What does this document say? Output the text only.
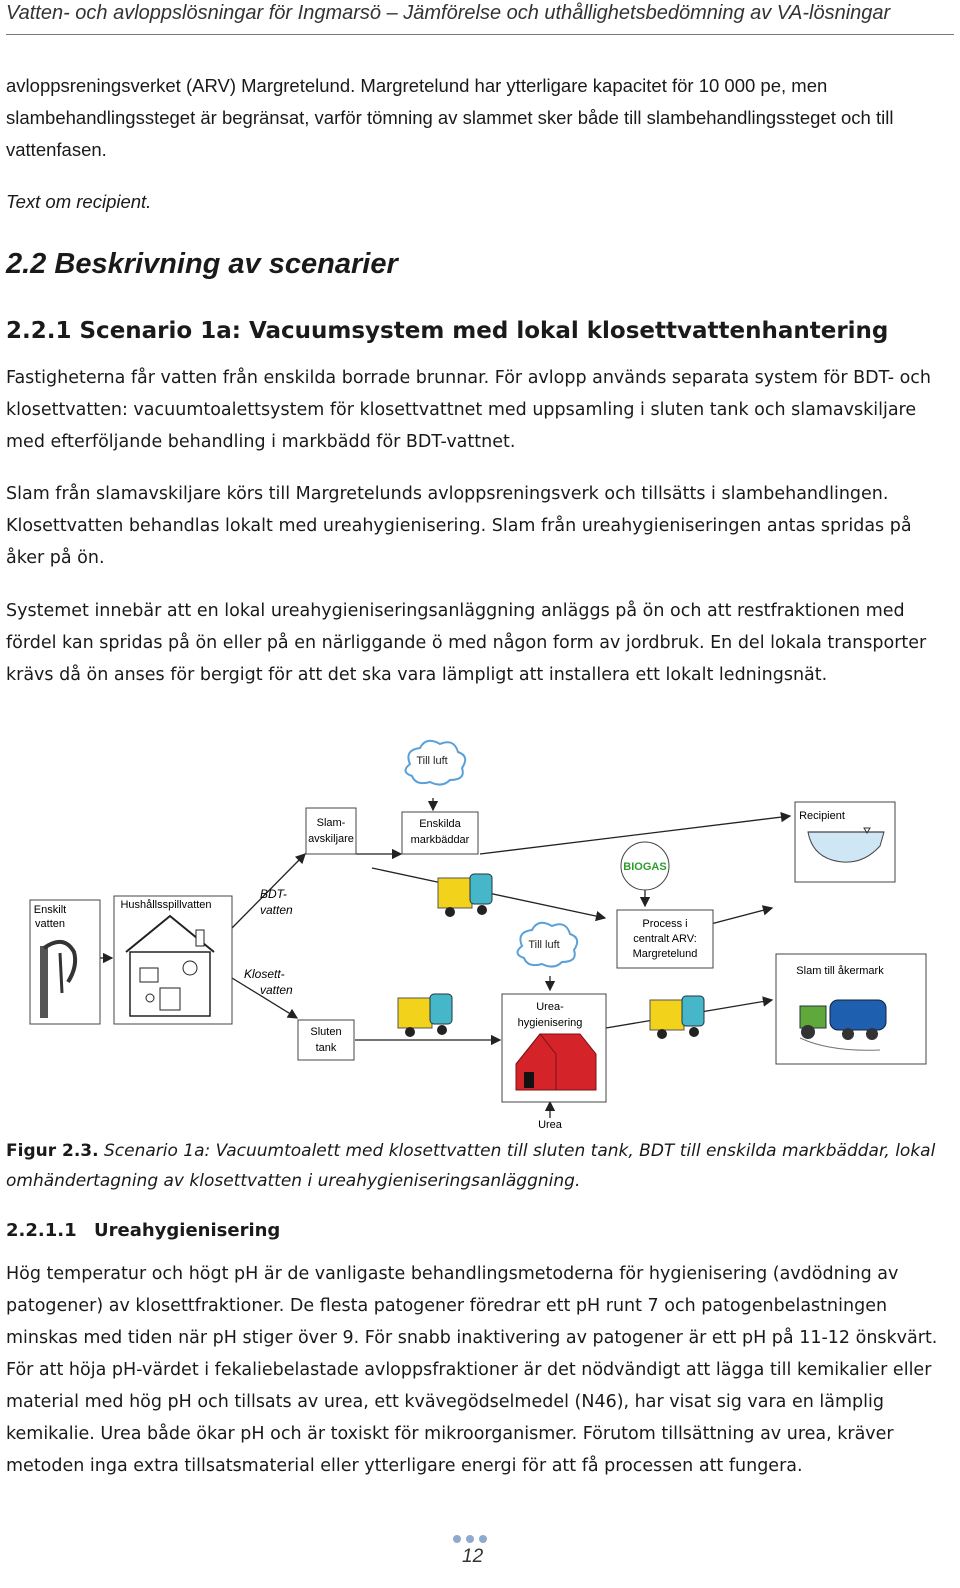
Vatten- och avloppslösningar för Ingmarsö – Jämförelse och uthållighetsbedömning av VA-lösningar

avloppsreningsverket (ARV) Margretelund. Margretelund har ytterligare kapacitet för 10 000 pe, men slambehandlingssteget är begränsat, varför tömning av slammet sker både till slambehandlingssteget och till vattenfasen.

Text om recipient.

2.2 Beskrivning av scenarier
2.2.1 Scenario 1a: Vacuumsystem med lokal klosettvattenhantering

Fastigheterna får vatten från enskilda borrade brunnar. För avlopp används separata system för BDT- och klosettvatten: vacuumtoalettsystem för klosettvattnet med uppsamling i sluten tank och slamavskiljare med efterföljande behandling i markbädd för BDT-vattnet.

Slam från slamavskiljare körs till Margretelunds avloppsreningsverk och tillsätts i slambehandlingen. Klosettvatten behandlas lokalt med ureahygienisering. Slam från ureahygieniseringen antas spridas på åker på ön.

Systemet innebär att en lokal ureahygieniseringsanläggning anläggs på ön och att restfraktionen med fördel kan spridas på ön eller på en närliggande ö med någon form av jordbruk. En del lokala transporter krävs då ön anses för bergigt för att det ska vara lämpligt att installera ett lokalt ledningsnät.

Till luft
Slam-
avskiljare
Enskilda
markbäddar
Recipient
BIOGAS
Enskilt
vatten
Hushållsspillvatten
BDT-
vatten
Klosett-
vatten
Process i
centralt ARV:
Margretelund
Till luft
Slam till åkermark
Urea-
hygienisering
Sluten
tank
Urea

Figur 2.3. Scenario 1a: Vacuumtoalett med klosettvatten till sluten tank, BDT till enskilda markbäddar, lokal omhändertagning av klosettvatten i ureahygieniseringsanläggning.

2.2.1.1 Ureahygienisering

Hög temperatur och högt pH är de vanligaste behandlingsmetoderna för hygienisering (avdödning av patogener) av klosettfraktioner. De flesta patogener föredrar ett pH runt 7 och patogenbelastningen minskas med tiden när pH stiger över 9. För snabb inaktivering av patogener är ett pH på 11-12 önskvärt. För att höja pH-värdet i fekaliebelastade avloppsfraktioner är det nödvändigt att lägga till kemikalier eller material med hög pH och tillsats av urea, ett kvävegödselmedel (N46), har visat sig vara en lämplig kemikalie. Urea både ökar pH och är toxiskt för mikroorganismer. Förutom tillsättning av urea, kräver metoden inga extra tillsatsmaterial eller ytterligare energi för att få processen att fungera.

12
